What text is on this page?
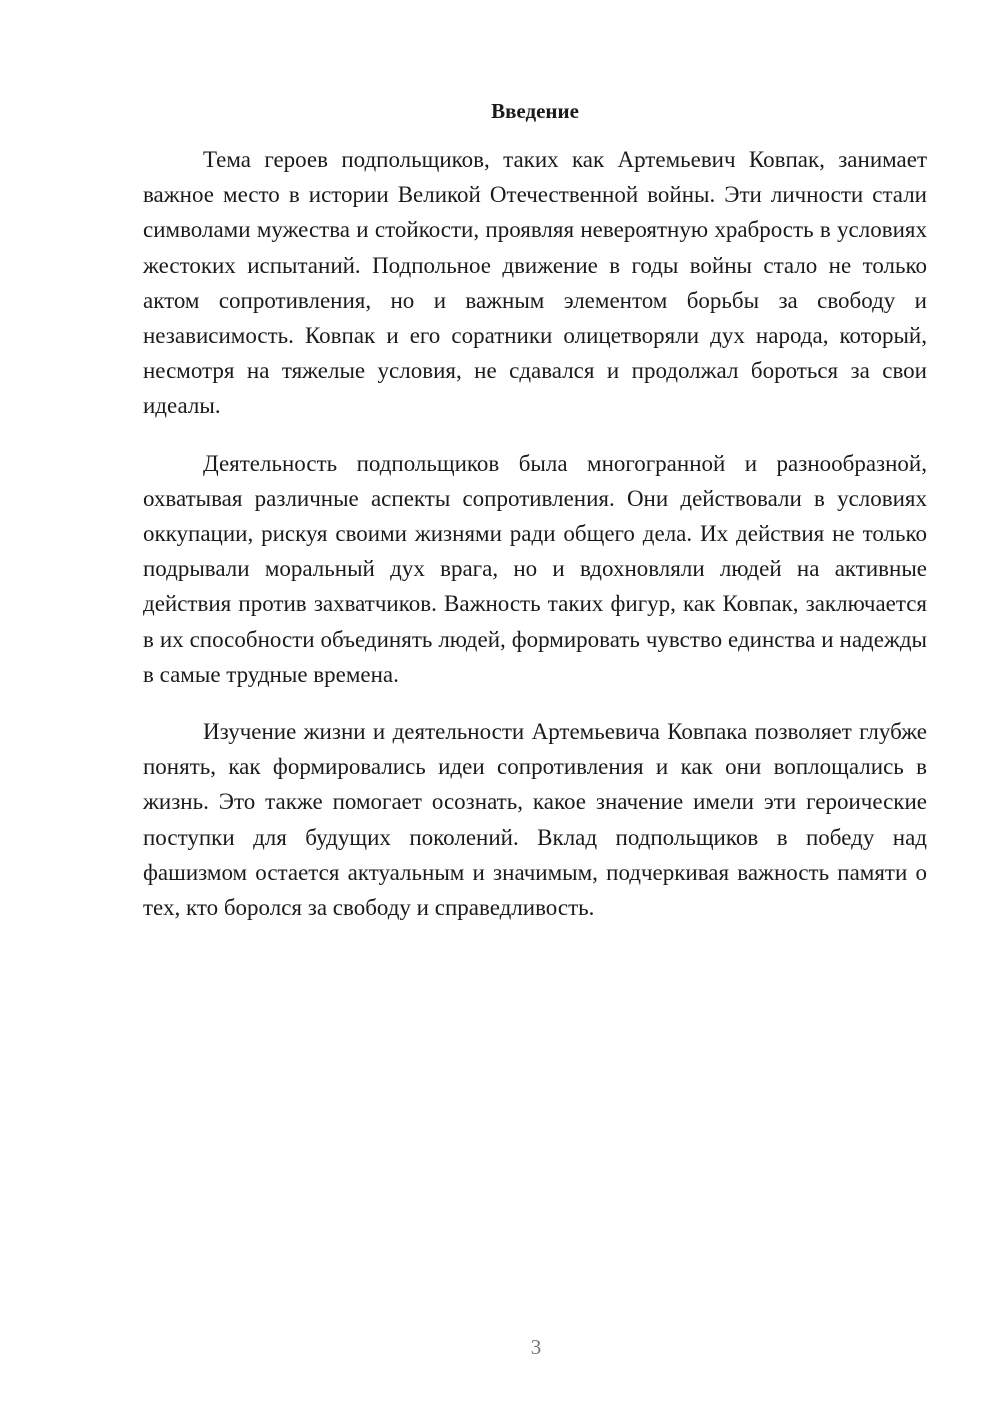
Введение

Тема героев подпольщиков, таких как Артемьевич Ковпак, занимает важное место в истории Великой Отечественной войны. Эти личности стали символами мужества и стойкости, проявляя невероятную храбрость в условиях жестоких испытаний. Подпольное движение в годы войны стало не только актом сопротивления, но и важным элементом борьбы за свободу и независимость. Ковпак и его соратники олицетворяли дух народа, который, несмотря на тяжелые условия, не сдавался и продолжал бороться за свои идеалы.

Деятельность подпольщиков была многогранной и разнообразной, охватывая различные аспекты сопротивления. Они действовали в условиях оккупации, рискуя своими жизнями ради общего дела. Их действия не только подрывали моральный дух врага, но и вдохновляли людей на активные действия против захватчиков. Важность таких фигур, как Ковпак, заключается в их способности объединять людей, формировать чувство единства и надежды в самые трудные времена.

Изучение жизни и деятельности Артемьевича Ковпака позволяет глубже понять, как формировались идеи сопротивления и как они воплощались в жизнь. Это также помогает осознать, какое значение имели эти героические поступки для будущих поколений. Вклад подпольщиков в победу над фашизмом остается актуальным и значимым, подчеркивая важность памяти о тех, кто боролся за свободу и справедливость.

3
